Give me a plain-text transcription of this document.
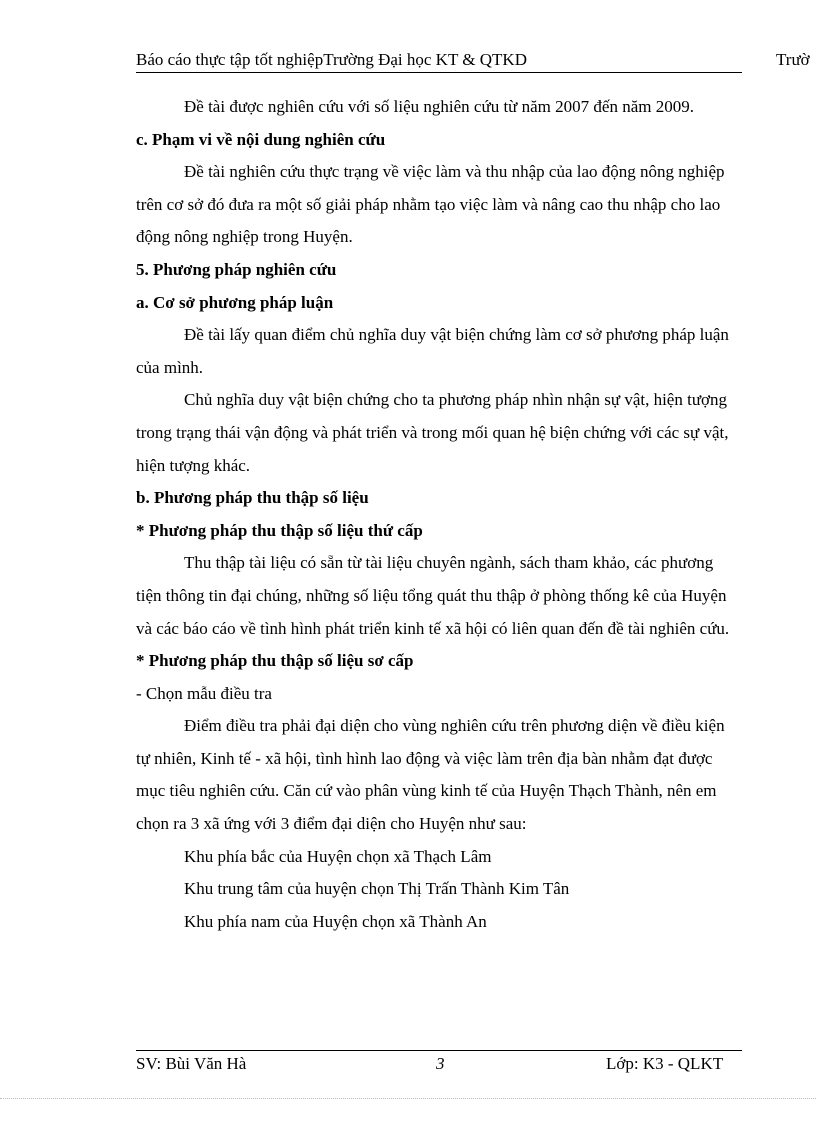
Báo cáo thực tập tốt nghiệpTrường Đại học KT & QTKD	Trườ

Đề tài được nghiên cứu với số liệu nghiên cứu từ năm 2007 đến năm 2009.

c. Phạm vi về nội dung nghiên cứu

Đề tài nghiên cứu thực trạng về việc làm và thu nhập của lao động nông nghiệp trên cơ sở đó đưa ra một số giải pháp nhằm tạo việc làm và nâng cao thu nhập cho lao động nông nghiệp trong Huyện.

5. Phương pháp nghiên cứu

a. Cơ sở phương pháp luận

Đề tài lấy quan điểm chủ nghĩa duy vật biện chứng làm cơ sở phương pháp luận của mình.

Chủ nghĩa duy vật biện chứng cho ta phương pháp nhìn nhận sự vật, hiện tượng trong trạng thái vận động và phát triển và trong mối quan hệ biện chứng với các sự vật, hiện tượng khác.

b. Phương pháp thu thập số liệu

* Phương pháp thu thập số liệu thứ cấp

Thu thập tài liệu có sẵn từ tài liệu chuyên ngành, sách tham khảo, các phương tiện thông tin đại chúng, những số liệu tổng quát thu thập ở phòng thống kê của Huyện và các báo cáo về tình hình phát triển kinh tế xã hội có liên quan đến đề tài nghiên cứu.

* Phương pháp thu thập số liệu sơ cấp

- Chọn mẫu điều tra

Điểm điều tra phải đại diện cho vùng nghiên cứu trên phương diện về điều kiện tự nhiên, Kinh tế - xã hội, tình hình lao động và việc làm trên địa bàn nhằm đạt được mục tiêu nghiên cứu. Căn cứ vào phân vùng kinh tế của Huyện Thạch Thành, nên em chọn ra 3 xã ứng với 3 điểm đại diện cho Huyện như sau:

Khu phía bắc của Huyện chọn xã Thạch Lâm

Khu trung tâm của huyện chọn Thị Trấn Thành Kim Tân

Khu phía nam của Huyện chọn xã Thành An

SV: Bùi Văn Hà	3	Lớp: K3 - QLKT
